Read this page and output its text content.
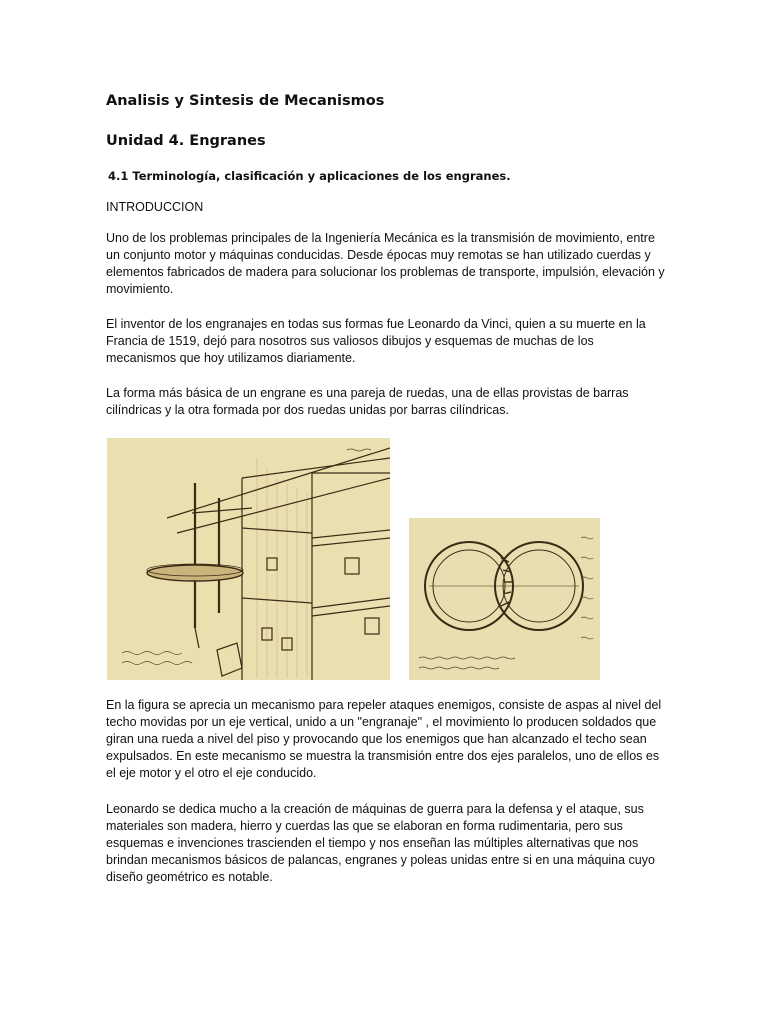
Analisis y Sintesis de Mecanismos
Unidad 4. Engranes
4.1 Terminología, clasificación y aplicaciones de los engranes.

INTRODUCCION

Uno de los problemas principales de la Ingeniería Mecánica es la transmisión de movimiento, entre un conjunto motor y máquinas conducidas. Desde épocas muy remotas se han utilizado cuerdas y elementos fabricados de madera para solucionar los problemas de transporte, impulsión, elevación y movimiento.

El inventor de los engranajes en todas sus formas fue Leonardo da Vinci, quien a su muerte en la Francia de 1519, dejó para nosotros sus valiosos dibujos y esquemas de muchas de los mecanismos que hoy utilizamos diariamente.

La forma más básica de un engrane es una pareja de ruedas, una de ellas provistas de barras cilíndricas y la otra formada por dos ruedas unidas por barras cilíndricas.

En la figura se aprecia un mecanismo para repeler ataques enemigos, consiste de aspas al nivel del techo movidas por un eje vertical, unido a un "engranaje" , el movimiento lo producen soldados que giran una rueda a nivel del piso y provocando que los enemigos que han alcanzado el techo sean expulsados. En este mecanismo se muestra la transmisión entre dos ejes paralelos, uno de ellos es el eje motor y el otro el eje conducido.

Leonardo se dedica mucho a la creación de máquinas de guerra para la defensa y el ataque, sus materiales son madera, hierro y cuerdas las que se elaboran en forma rudimentaria, pero sus esquemas e invenciones trascienden el tiempo y nos enseñan las múltiples alternativas que nos brindan mecanismos básicos de palancas, engranes y poleas unidas entre si en una máquina cuyo diseño geométrico es notable.
